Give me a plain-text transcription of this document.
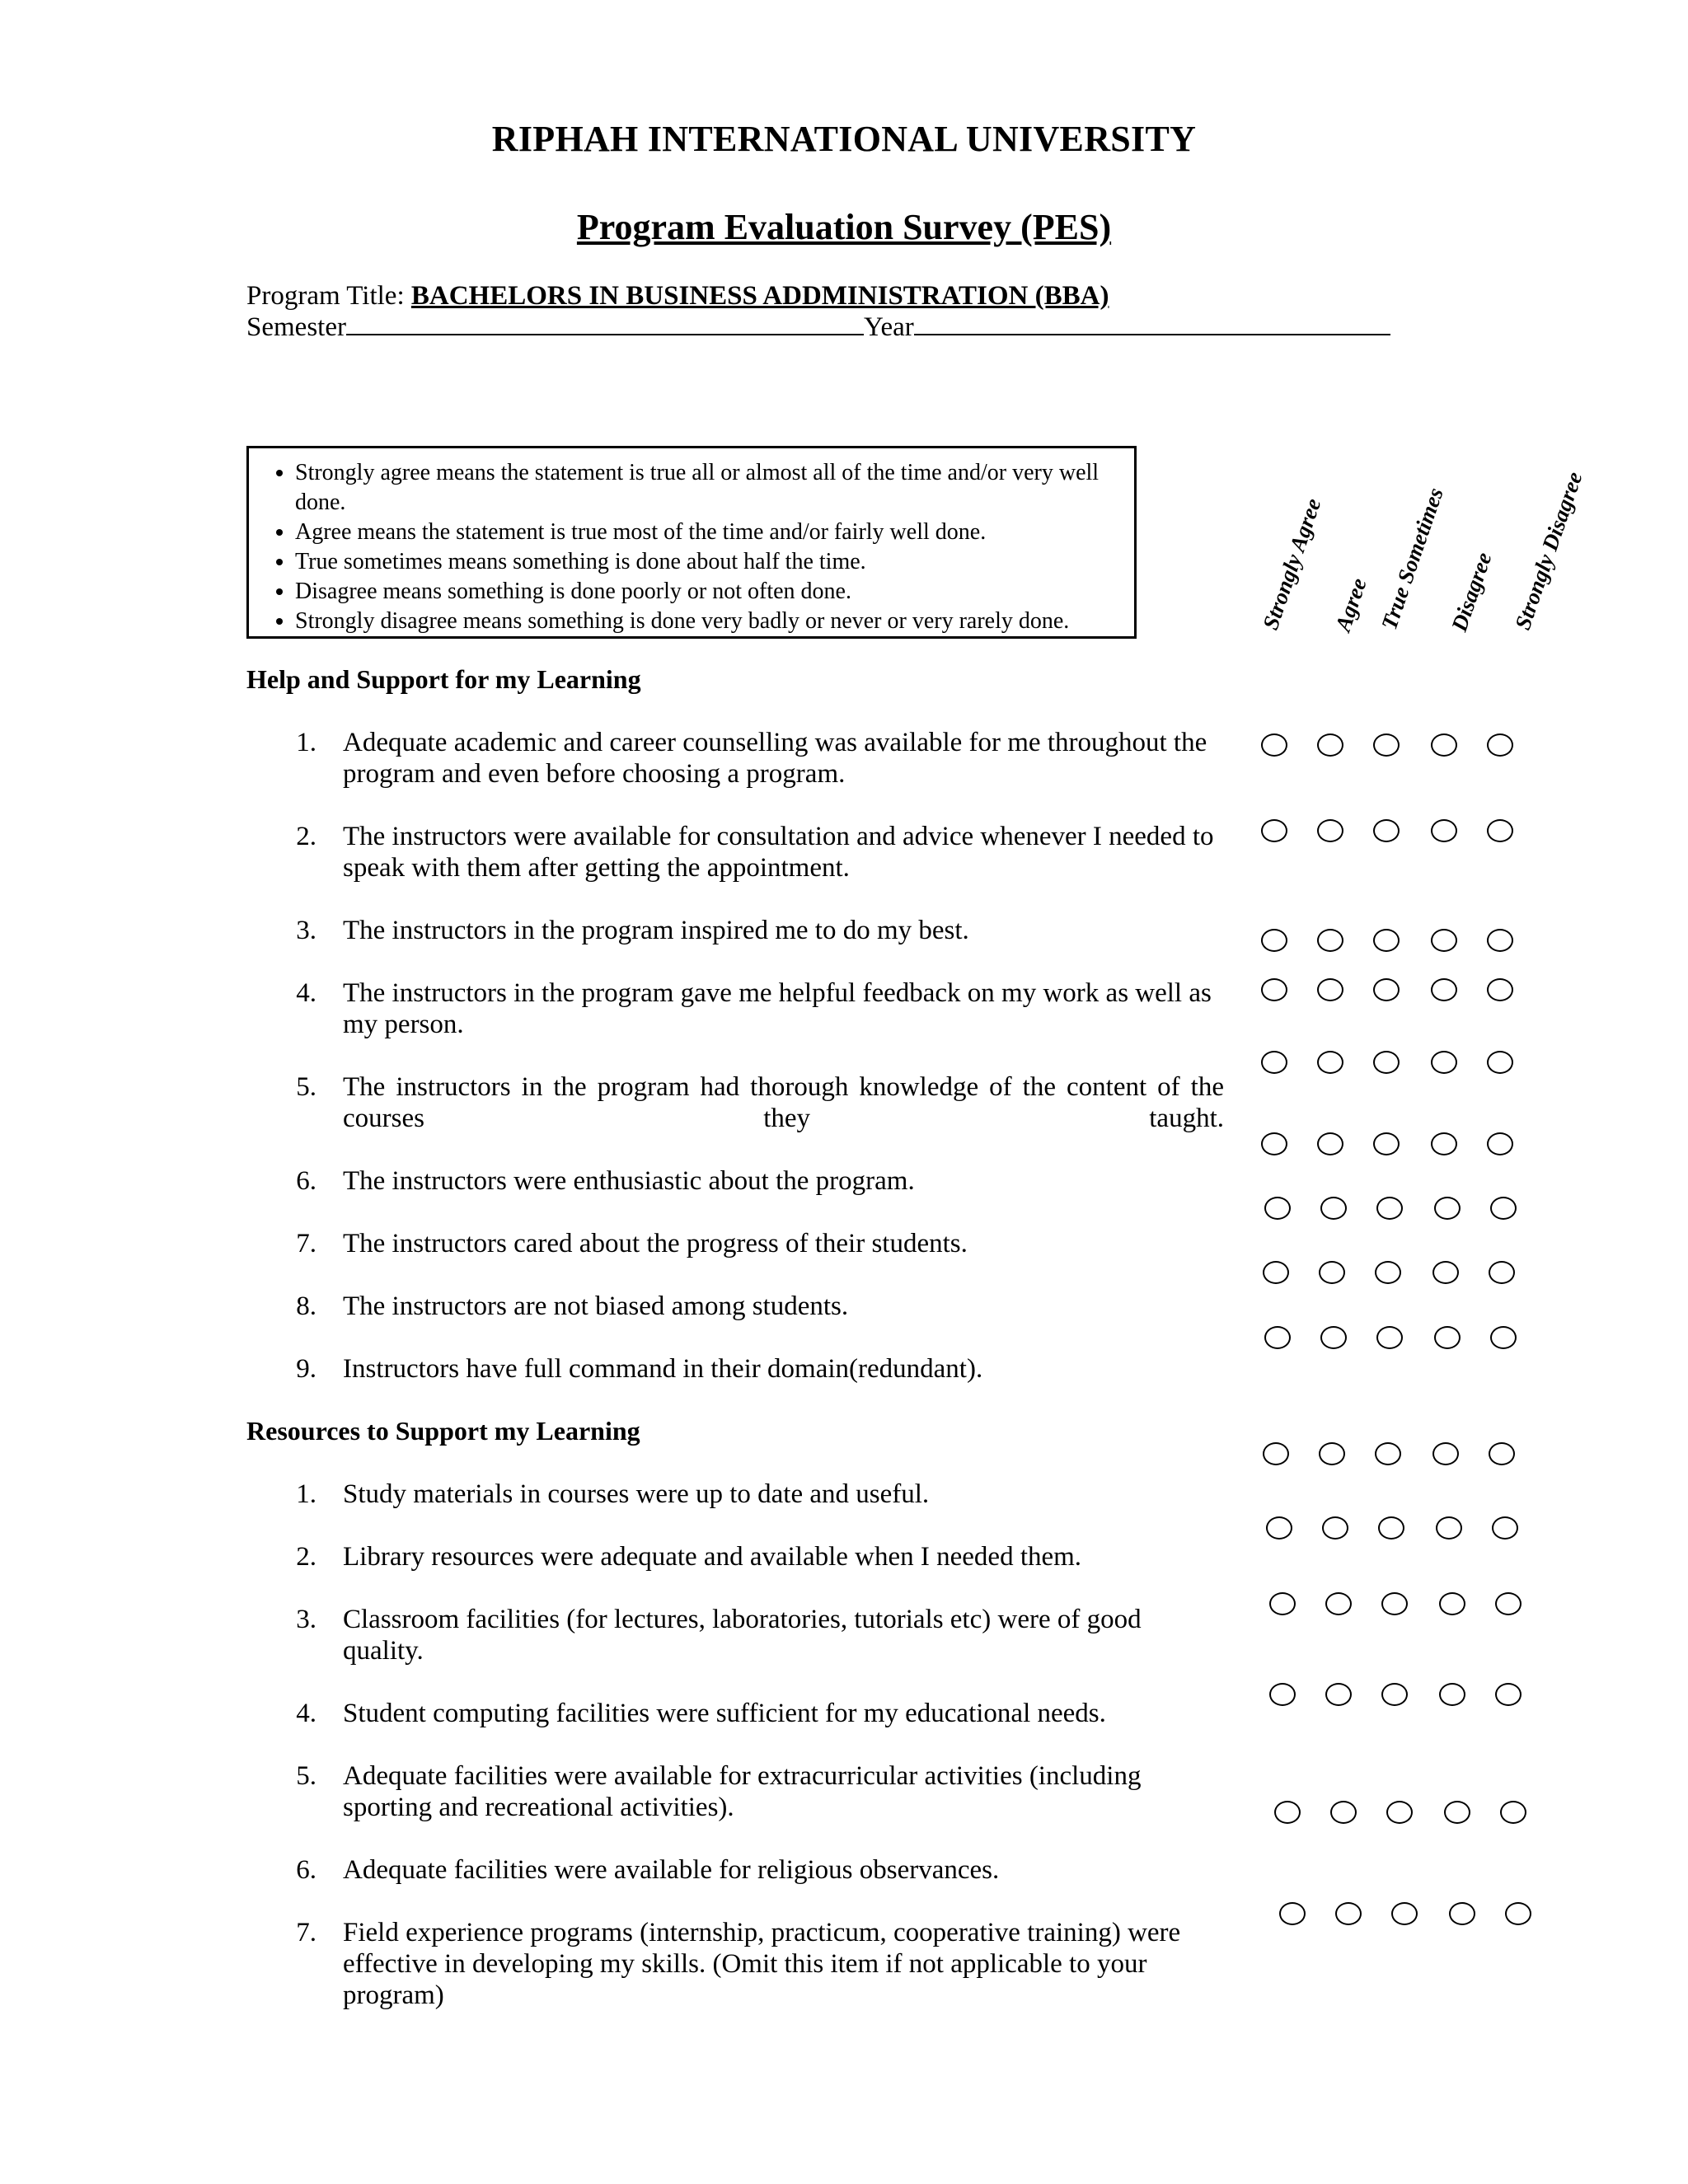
RIPHAH INTERNATIONAL UNIVERSITY
Program Evaluation Survey (PES)
Program Title: BACHELORS IN BUSINESS ADDMINISTRATION (BBA)
Semester	Year
• Strongly agree means the statement is true all or almost all of the time and/or very well done.
• Agree means the statement is true most of the time and/or fairly well done.
• True sometimes means something is done about half the time.
• Disagree means something is done poorly or not often done.
• Strongly disagree means something is done very badly or never or very rarely done.	Strongly Agree Agree True Sometimes
Disagree Strongly Disagree
Help and Support for my Learning
1. Adequate academic and career counselling was available for me throughout the program and even before choosing a program.
2. The instructors were available for consultation and advice whenever I needed to speak with them after getting the appointment.
3. The instructors in the program inspired me to do my best.
4. The instructors in the program gave me helpful feedback on my work as well as my person.
5. The instructors in the program had thorough knowledge of the content of the courses they taught.
6. The instructors were enthusiastic about the program.
7. The instructors cared about the progress of their students.
8. The instructors are not biased among students.
9. Instructors have full command in their domain(redundant).
Resources to Support my Learning
1. Study materials in courses were up to date and useful.
2. Library resources were adequate and available when I needed them.
3. Classroom facilities (for lectures, laboratories, tutorials etc) were of good quality.
4. Student computing facilities were sufficient for my educational needs.
5. Adequate facilities were available for extracurricular activities (including sporting and recreational activities).
6. Adequate facilities were available for religious observances.
7. Field experience programs (internship, practicum, cooperative training) were effective in developing my skills. (Omit this item if not applicable to your program)
